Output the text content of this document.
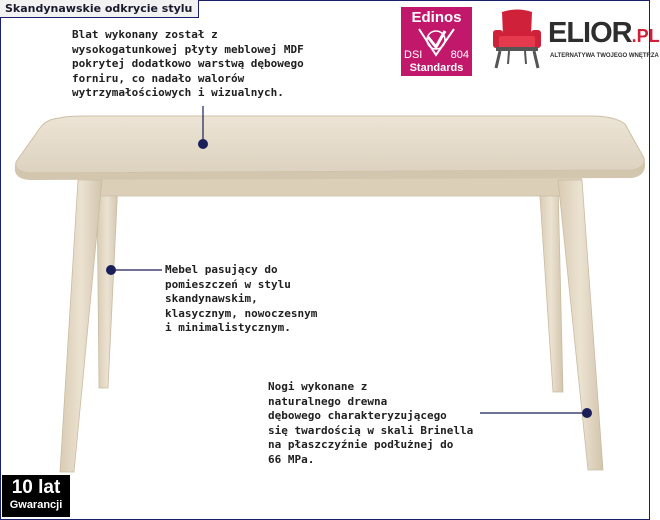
Skandynawskie odkrycie stylu
Edinos
DSI	804
Standards
ELIOR.PL
ALTERNATYWA TWOJEGO WNĘTRZA
Blat wykonany został z
wysokogatunkowej płyty meblowej MDF
pokrytej dodatkowo warstwą dębowego
forniru, co nadało walorów
wytrzymałościowych i wizualnych.
Mebel pasujący do
pomieszczeń w stylu
skandynawskim,
klasycznym, nowoczesnym
i minimalistycznym.
Nogi wykonane z
naturalnego drewna
dębowego charakteryzującego
się twardością w skali Brinella
na płaszczyźnie podłużnej do
66 MPa.
10 lat
Gwarancji
